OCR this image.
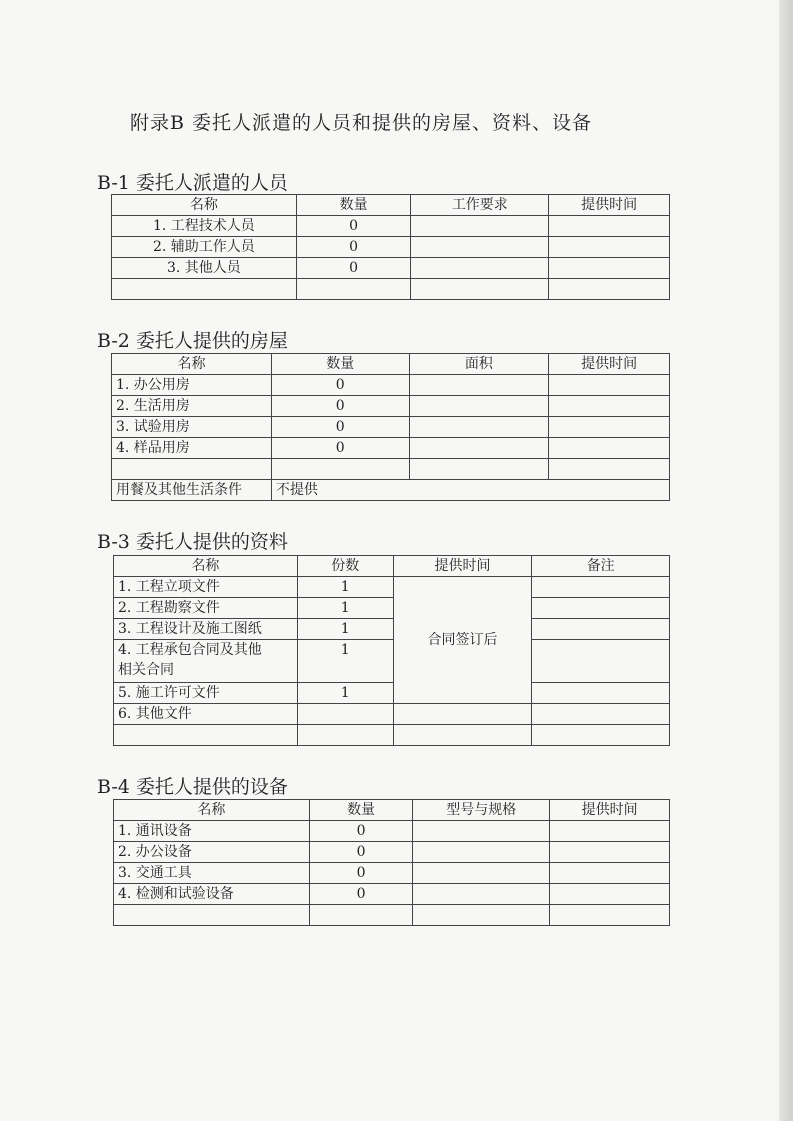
附录B 委托人派遣的人员和提供的房屋、资料、设备
B-1 委托人派遣的人员
名称	数量	工作要求	提供时间
1. 工程技术人员	0		
2. 辅助工作人员	0		
3. 其他人员	0		

B-2 委托人提供的房屋
名称	数量	面积	提供时间
1. 办公用房	0		
2. 生活用房	0		
3. 试验用房	0		
4. 样品用房	0		

用餐及其他生活条件	不提供		
B-3 委托人提供的资料
名称	份数	提供时间	备注
1. 工程立项文件	1	合同签订后	
2. 工程勘察文件	1		
3. 工程设计及施工图纸	1		

4. 工程承包合同及其他
相关合同	1		
5. 施工许可文件	1		
6. 其他文件			

B-4 委托人提供的设备
名称	数量	型号与规格	提供时间
1. 通讯设备	0		
2. 办公设备	0		
3. 交通工具	0		
4. 检测和试验设备	0		
